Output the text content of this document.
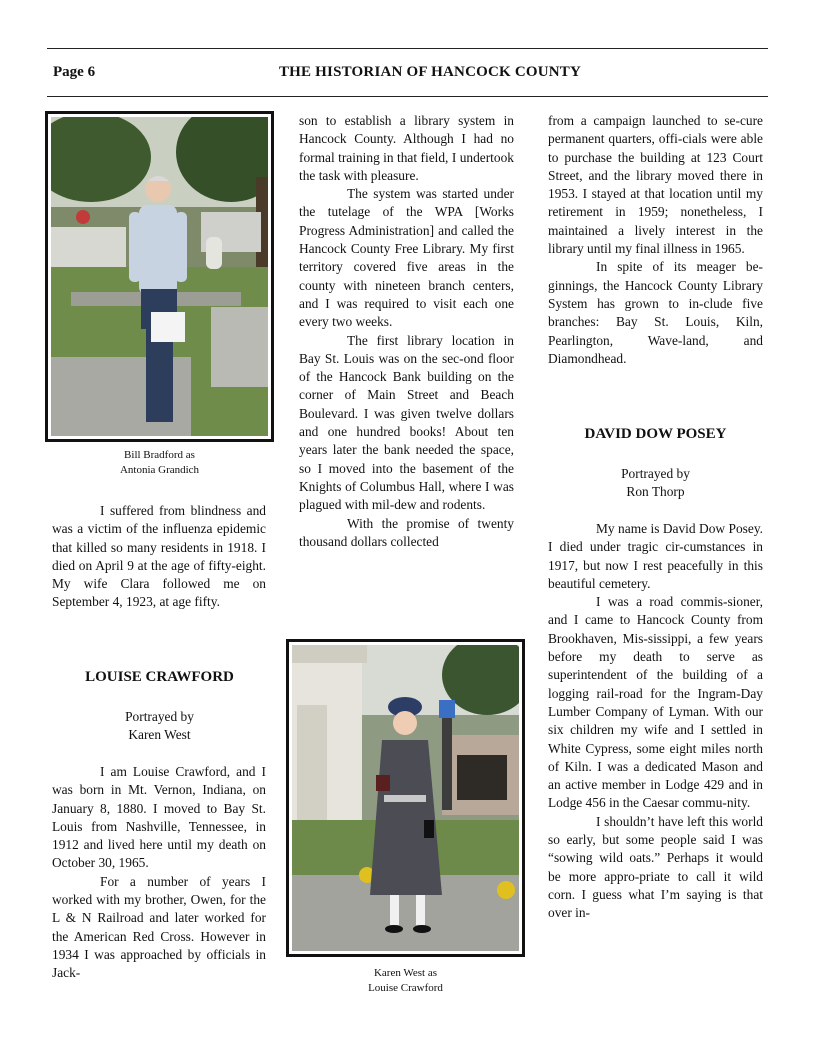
Page 6	THE HISTORIAN OF HANCOCK COUNTY
Bill Bradford as
Antonia Grandich

I suffered from blindness and was a victim of the influenza epidemic that killed so many residents in 1918. I died on April 9 at the age of fifty-eight. My wife Clara followed me on September 4, 1923, at age fifty.

LOUISE CRAWFORD
Portrayed by
Karen West

I am Louise Crawford, and I was born in Mt. Vernon, Indiana, on January 8, 1880. I moved to Bay St. Louis from Nashville, Tennessee, in 1912 and lived here until my death on October 30, 1965.

For a number of years I worked with my brother, Owen, for the L & N Railroad and later worked for the American Red Cross. However in 1934 I was approached by officials in Jack-

son to establish a library system in Hancock County. Although I had no formal training in that field, I undertook the task with pleasure.

The system was started under the tutelage of the WPA [Works Progress Administration] and called the Hancock County Free Library. My first territory covered five areas in the county with nineteen branch centers, and I was required to visit each one every two weeks.

The first library location in Bay St. Louis was on the sec-ond floor of the Hancock Bank building on the corner of Main Street and Beach Boulevard. I was given twelve dollars and one hundred books! About ten years later the bank needed the space, so I moved into the basement of the Knights of Columbus Hall, where I was plagued with mil-dew and rodents.

With the promise of twenty thousand dollars collected

Karen West as
Louise Crawford

from a campaign launched to se-cure permanent quarters, offi-cials were able to purchase the building at 123 Court Street, and the library moved there in 1953. I stayed at that location until my retirement in 1959; nonetheless, I maintained a lively interest in the library until my final illness in 1965.

In spite of its meager be-ginnings, the Hancock County Library System has grown to in-clude five branches: Bay St. Louis, Kiln, Pearlington, Wave-land, and Diamondhead.

DAVID DOW POSEY
Portrayed by
Ron Thorp

My name is David Dow Posey. I died under tragic cir-cumstances in 1917, but now I rest peacefully in this beautiful cemetery.

I was a road commis-sioner, and I came to Hancock County from Brookhaven, Mis-sissippi, a few years before my death to serve as superintendent of the building of a logging rail-road for the Ingram-Day Lumber Company of Lyman. With our six children my wife and I settled in White Cypress, some eight miles north of Kiln. I was a dedicated Mason and an active member in Lodge 429 and in Lodge 456 in the Caesar commu-nity.

I shouldn’t have left this world so early, but some people said I was “sowing wild oats.” Perhaps it would be more appro-priate to call it wild corn. I guess what I’m saying is that over in-
